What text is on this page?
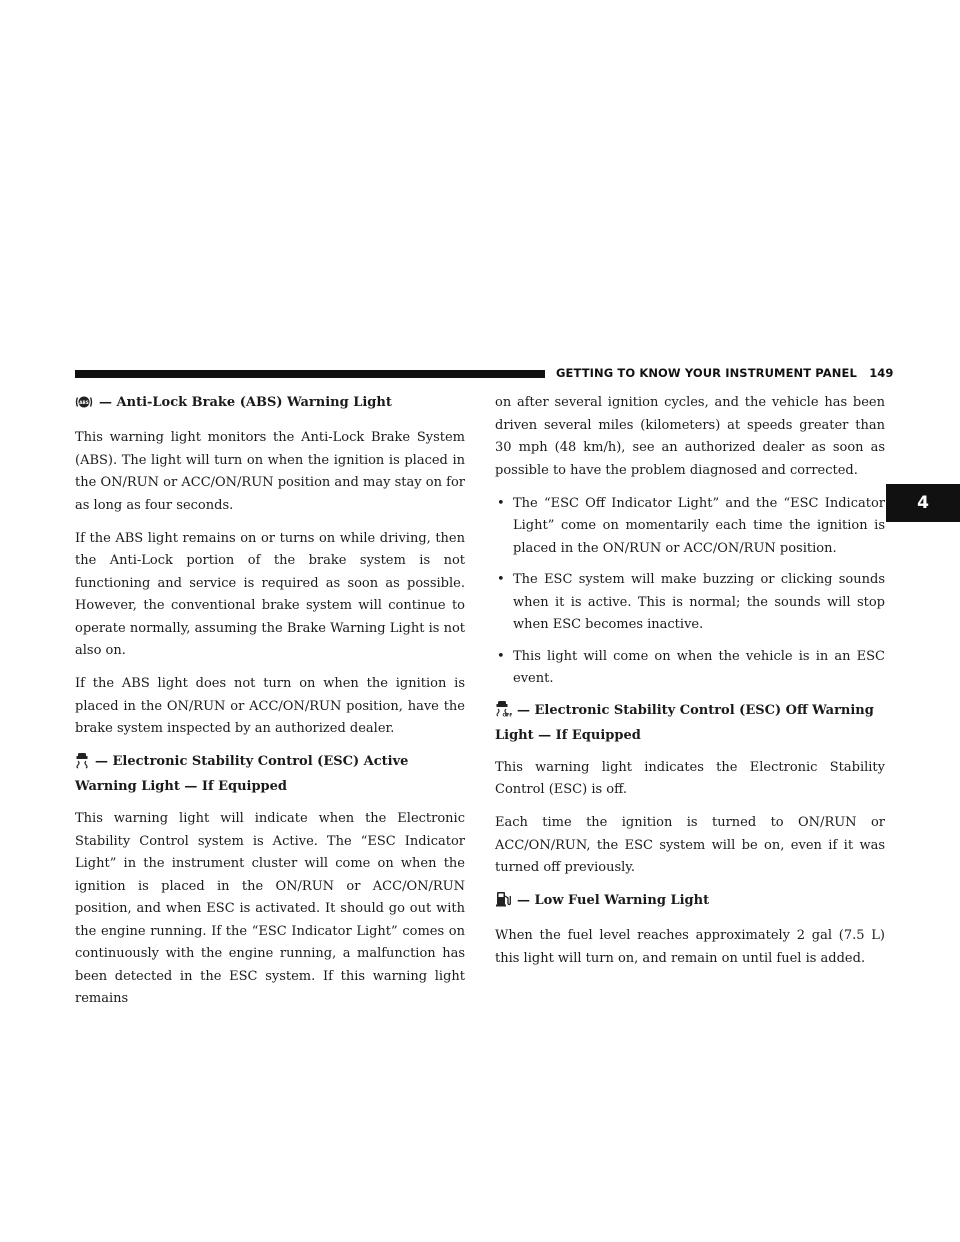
GETTING TO KNOW YOUR INSTRUMENT PANEL 149
4
ABS — Anti-Lock Brake (ABS) Warning Light

This warning light monitors the Anti-Lock Brake System (ABS). The light will turn on when the ignition is placed in the ON/RUN or ACC/ON/RUN position and may stay on for as long as four seconds.

If the ABS light remains on or turns on while driving, then the Anti-Lock portion of the brake system is not functioning and service is required as soon as possible. However, the conventional brake system will continue to operate normally, assuming the Brake Warning Light is not also on.

If the ABS light does not turn on when the ignition is placed in the ON/RUN or ACC/ON/RUN position, have the brake system inspected by an authorized dealer.

— Electronic Stability Control (ESC) Active Warning Light — If Equipped

This warning light will indicate when the Electronic Stability Control system is Active. The “ESC Indicator Light” in the instrument cluster will come on when the ignition is placed in the ON/RUN or ACC/ON/RUN position, and when ESC is activated. It should go out with the engine running. If the “ESC Indicator Light” comes on continuously with the engine running, a malfunction has been detected in the ESC system. If this warning light remains

on after several ignition cycles, and the vehicle has been driven several miles (kilometers) at speeds greater than 30 mph (48 km/h), see an authorized dealer as soon as possible to have the problem diagnosed and corrected.

• The “ESC Off Indicator Light” and the “ESC Indicator Light” come on momentarily each time the ignition is placed in the ON/RUN or ACC/ON/RUN position.
• The ESC system will make buzzing or clicking sounds when it is active. This is normal; the sounds will stop when ESC becomes inactive.
• This light will come on when the vehicle is in an ESC event.
OFF — Electronic Stability Control (ESC) Off Warning Light — If Equipped

This warning light indicates the Electronic Stability Control (ESC) is off.

Each time the ignition is turned to ON/RUN or ACC/ON/RUN, the ESC system will be on, even if it was turned off previously.

— Low Fuel Warning Light

When the fuel level reaches approximately 2 gal (7.5 L) this light will turn on, and remain on until fuel is added.
